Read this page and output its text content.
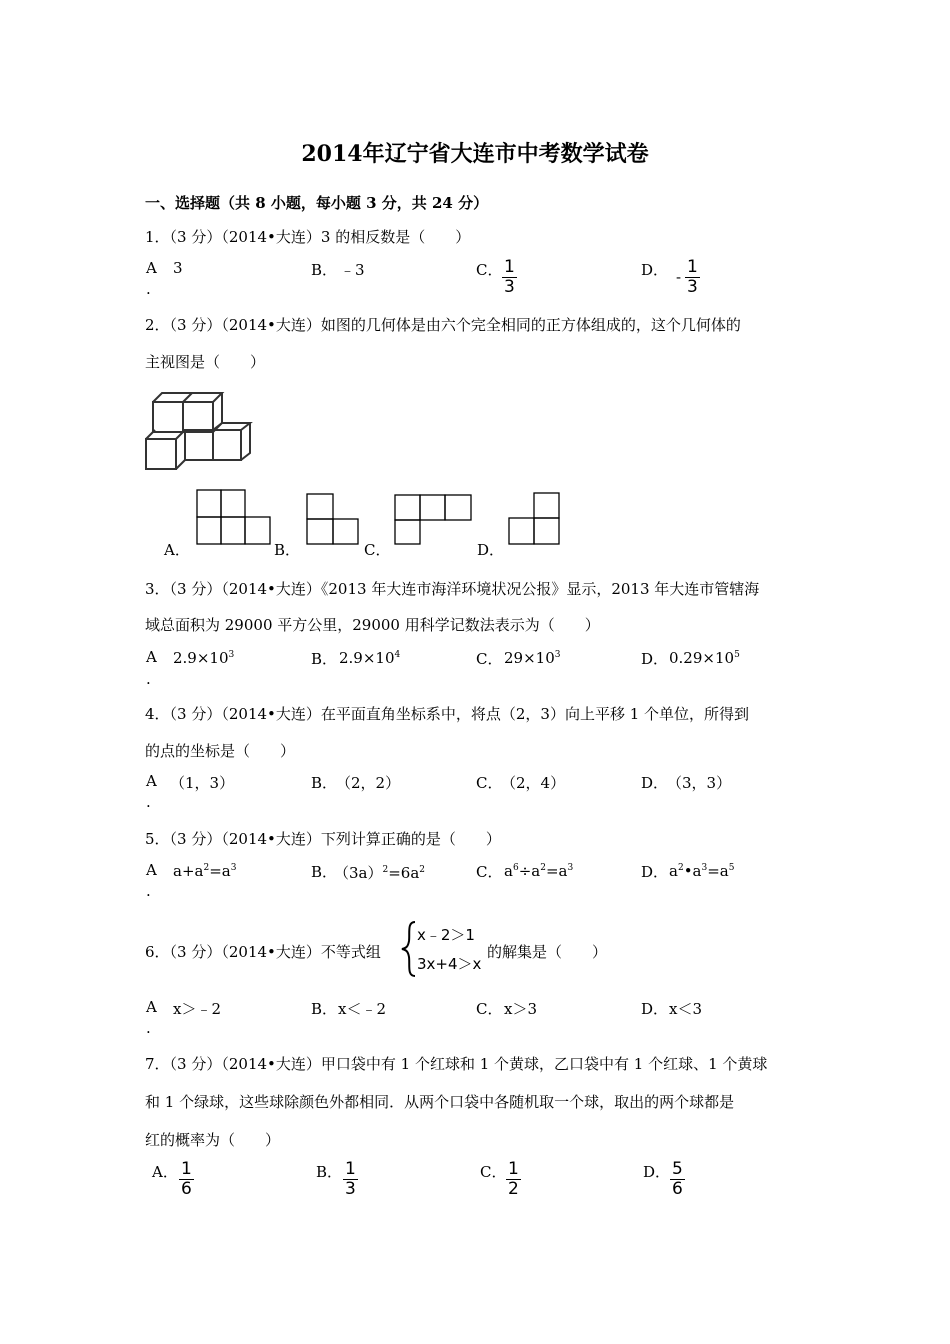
2014年辽宁省大连市中考数学试卷
一、选择题（共 8 小题，每小题 3 分，共 24 分）
1．（3 分）（2014•大连）3 的相反数是（　　）
A
.
3	B． ﹣3	C． $\frac{1}{3}$	D． - $\frac{1}{3}$
2．（3 分）（2014•大连）如图的几何体是由六个完全相同的正方体组成的，这个几何体的
主视图是（　　）
A．	B．	C．	D．
3．（3 分）（2014•大连）《2013 年大连市海洋环境状况公报》显示，2013 年大连市管辖海
域总面积为 29000 平方公里，29000 用科学记数法表示为（　　）
A
.
$2.9\times 10^3$	B． $2.9\times 10^4$	C． $29\times 10^3$	D． $0.29\times 10^5$
4．（3 分）（2014•大连）在平面直角坐标系中，将点（2，3）向上平移 1 个单位，所得到
的点的坐标是（　　）
A
.
（1，3）	B．
（2，2）	C．
（2，4）	D．
（3，3）
5．（3 分）（2014•大连）下列计算正确的是（　　）
A
.
$a+a^2=a^3$	B．
$(3a)^2=6a^2$	C． $a^6\div a^2=a^3$	D． $a^2•a^3=a^5$
6．（3 分）（2014•大连）不等式组
x﹣2＞1
3x+4＞x
的解集是（　　）
A
.
x＞﹣2	B． x＜﹣2	C． x＞3	D． x＜3
7．（3 分）（2014•大连）甲口袋中有 1 个红球和 1 个黄球，乙口袋中有 1 个红球、1 个黄球
和 1 个绿球，这些球除颜色外都相同．从两个口袋中各随机取一个球，取出的两个球都是
红的概率为（　　）
A． $\frac{1}{6}$	B． $\frac{1}{3}$	C． $\frac{1}{2}$	D． $\frac{5}{6}$
